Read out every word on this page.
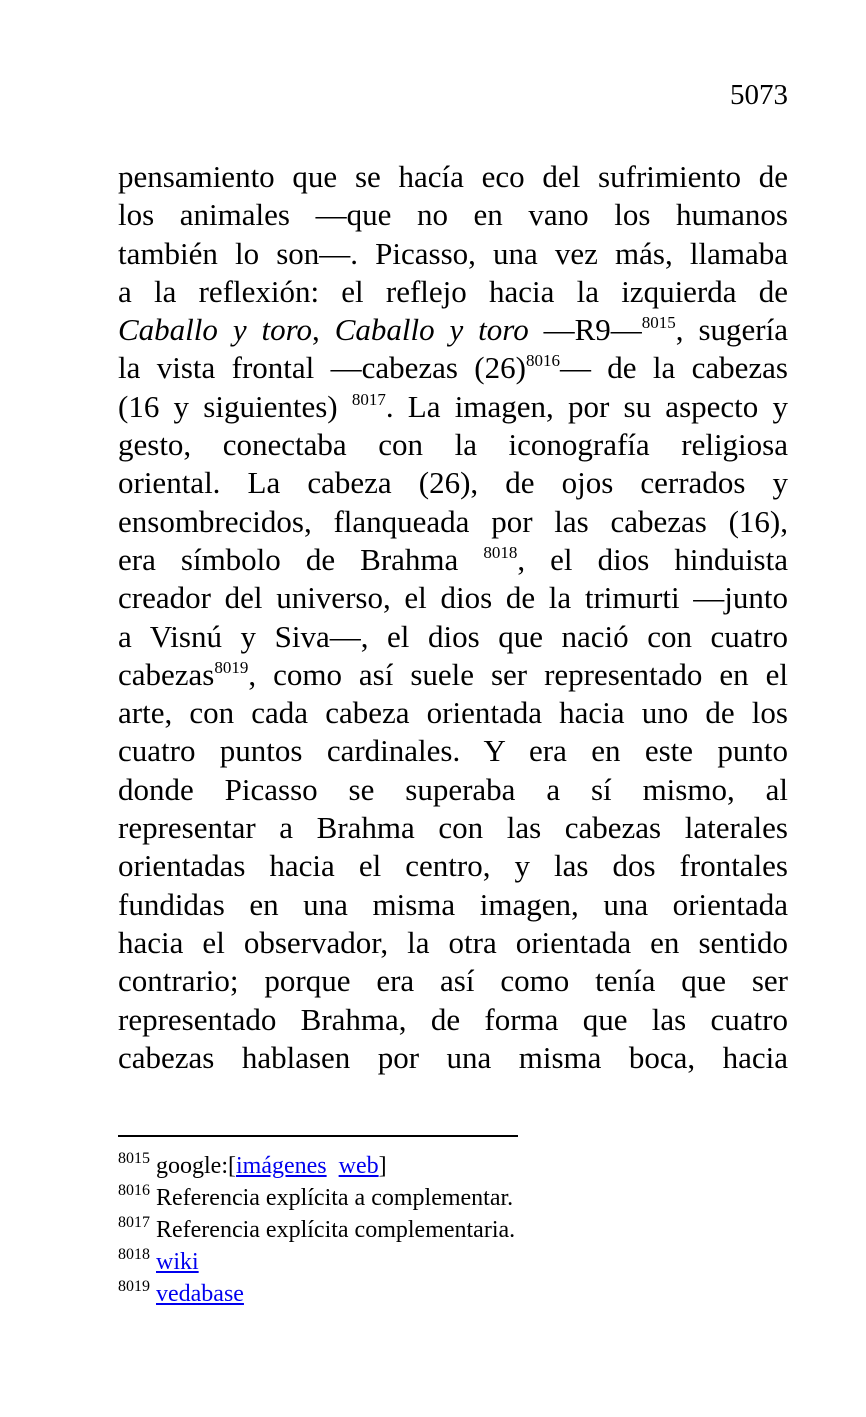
5073
pensamiento que se hacía eco del sufrimiento de
los animales —que no en vano los humanos
también lo son—. Picasso, una vez más, llamaba
a la reflexión: el reflejo hacia la izquierda de
Caballo y toro, Caballo y toro —R9—$^{8015}$, sugería
la vista frontal —cabezas $(26)^{8016}—$ de la cabezas
(16 y siguientes) $^{8017}$. La imagen, por su aspecto y
gesto, conectaba con la iconografía religiosa
oriental. La cabeza (26), de ojos cerrados y
ensombrecidos, flanqueada por las cabezas (16),
era símbolo de Brahma $^{8018}$, el dios hinduista
creador del universo, el dios de la trimurti —junto
a Visnú y Siva—, el dios que nació con cuatro
cabezas$^{8019}$, como así suele ser representado en el
arte, con cada cabeza orientada hacia uno de los
cuatro puntos cardinales. Y era en este punto
donde Picasso se superaba a sí mismo, al
representar a Brahma con las cabezas laterales
orientadas hacia el centro, y las dos frontales
fundidas en una misma imagen, una orientada
hacia el observador, la otra orientada en sentido
contrario; porque era así como tenía que ser
representado Brahma, de forma que las cuatro
cabezas hablasen por una misma boca, hacia
$^{8015}$ google:[imágenes web]
$^{8016}$ Referencia explícita a complementar.
$^{8017}$ Referencia explícita complementaria.
$^{8018}$ wiki
$^{8019}$ vedabase
